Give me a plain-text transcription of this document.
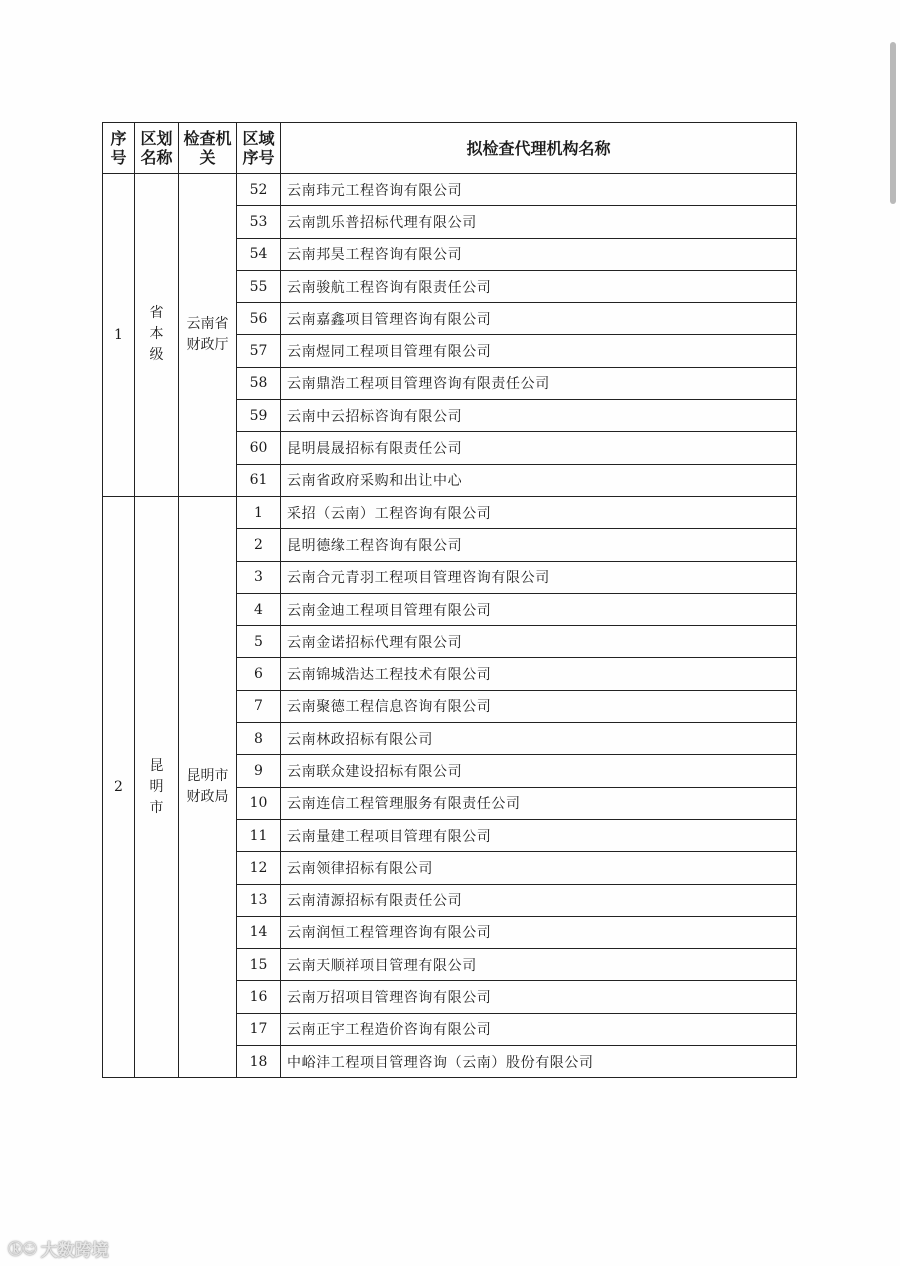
序号	区划名称	检查机关	区域序号	拟检查代理机构名称
1	省本级	云南省财政厅	52	云南玮元工程咨询有限公司
			53	云南凯乐普招标代理有限公司
			54	云南邦昊工程咨询有限公司
			55	云南骏航工程咨询有限责任公司
			56	云南嘉鑫项目管理咨询有限公司
			57	云南煜同工程项目管理有限公司
			58	云南鼎浩工程项目管理咨询有限责任公司
			59	云南中云招标咨询有限公司
			60	昆明晨晟招标有限责任公司
			61	云南省政府采购和出让中心
2	昆明市	昆明市财政局	1	采招（云南）工程咨询有限公司
			2	昆明德缘工程咨询有限公司
			3	云南合元青羽工程项目管理咨询有限公司
			4	云南金迪工程项目管理有限公司
			5	云南金诺招标代理有限公司
			6	云南锦城浩达工程技术有限公司
			7	云南聚德工程信息咨询有限公司
			8	云南林政招标有限公司
			9	云南联众建设招标有限公司
			10	云南连信工程管理服务有限责任公司
			11	云南量建工程项目管理有限公司
			12	云南领律招标有限公司
			13	云南清源招标有限责任公司
			14	云南润恒工程管理咨询有限公司
			15	云南天顺祥项目管理有限公司
			16	云南万招项目管理咨询有限公司
			17	云南正宇工程造价咨询有限公司
			18	中峪沣工程项目管理咨询（云南）股份有限公司
ⓚ☺ 大数跨境
